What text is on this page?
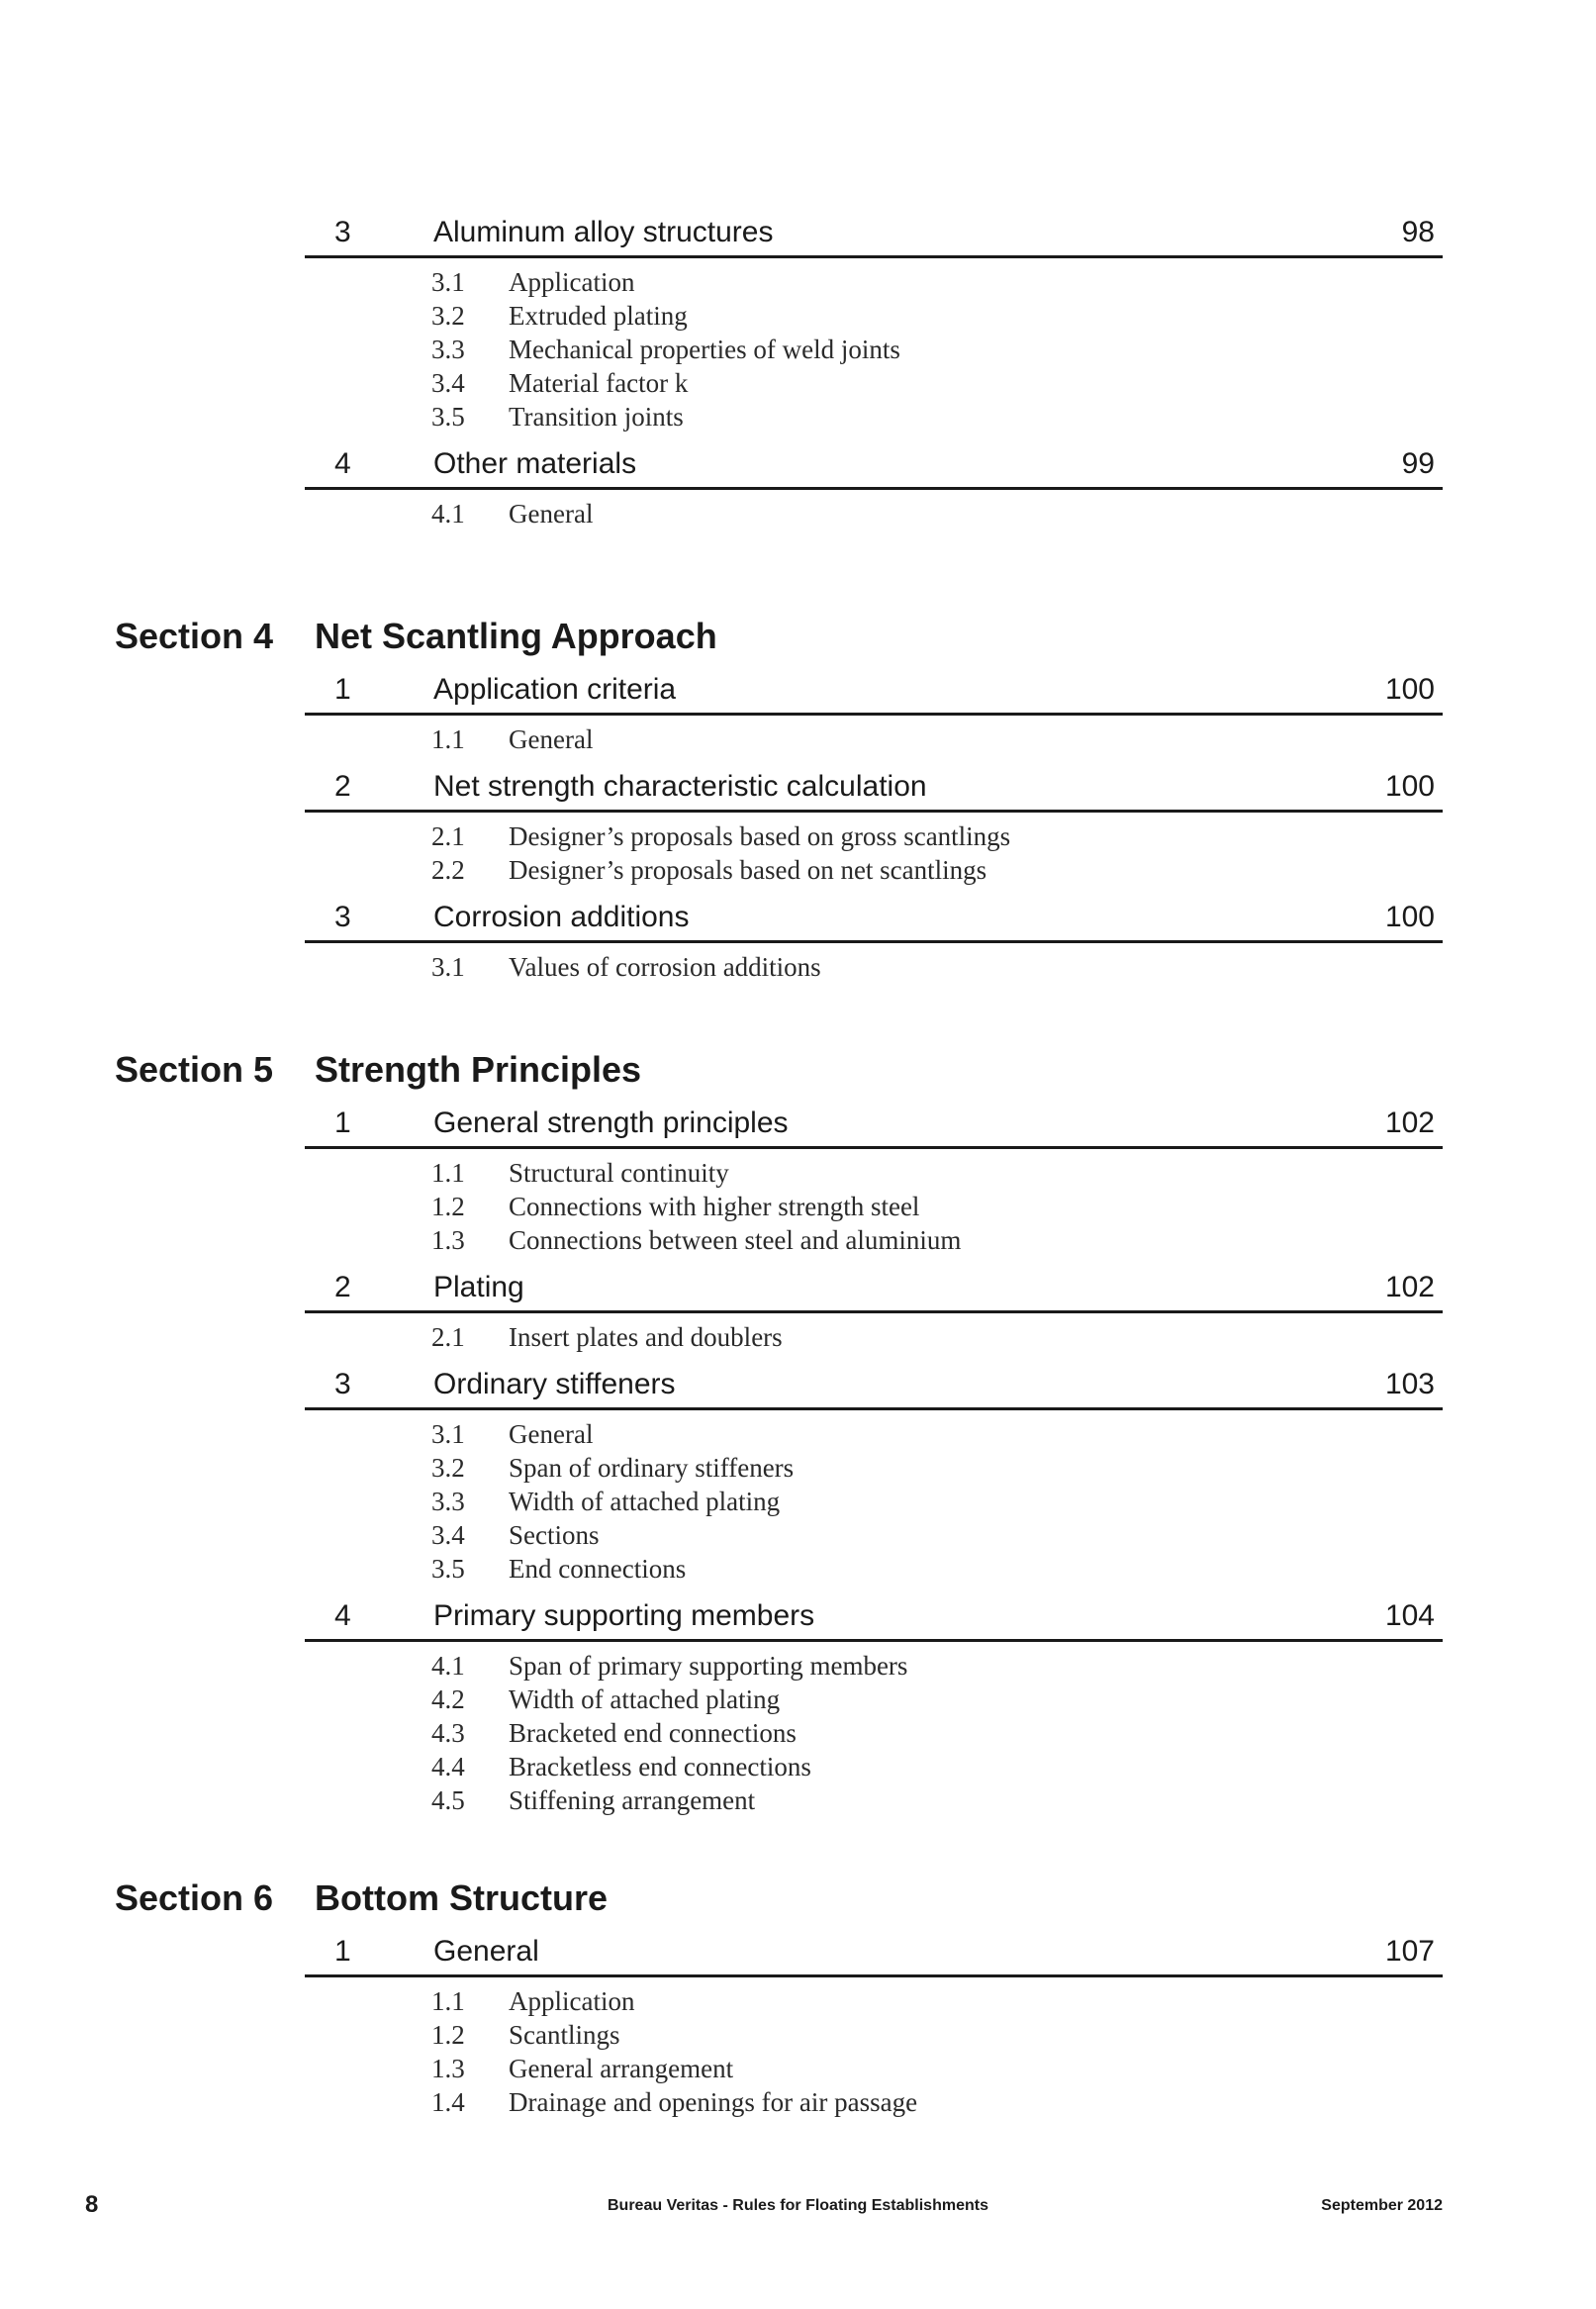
3	Aluminum alloy structures	98
3.1 Application
3.2 Extruded plating
3.3 Mechanical properties of weld joints
3.4 Material factor k
3.5 Transition joints
4	Other materials	99
4.1 General
Section 4 Net Scantling Approach
1	Application criteria	100
1.1 General
2	Net strength characteristic calculation	100
2.1 Designer’s proposals based on gross scantlings
2.2 Designer’s proposals based on net scantlings
3	Corrosion additions	100
3.1 Values of corrosion additions
Section 5 Strength Principles
1	General strength principles	102
1.1 Structural continuity
1.2 Connections with higher strength steel
1.3 Connections between steel and aluminium
2	Plating	102
2.1 Insert plates and doublers
3	Ordinary stiffeners	103
3.1 General
3.2 Span of ordinary stiffeners
3.3 Width of attached plating
3.4 Sections
3.5 End connections
4	Primary supporting members	104
4.1 Span of primary supporting members
4.2 Width of attached plating
4.3 Bracketed end connections
4.4 Bracketless end connections
4.5 Stiffening arrangement
Section 6 Bottom Structure
1	General	107
1.1 Application
1.2 Scantlings
1.3 General arrangement
1.4 Drainage and openings for air passage
8	Bureau Veritas - Rules for Floating Establishments	September 2012
